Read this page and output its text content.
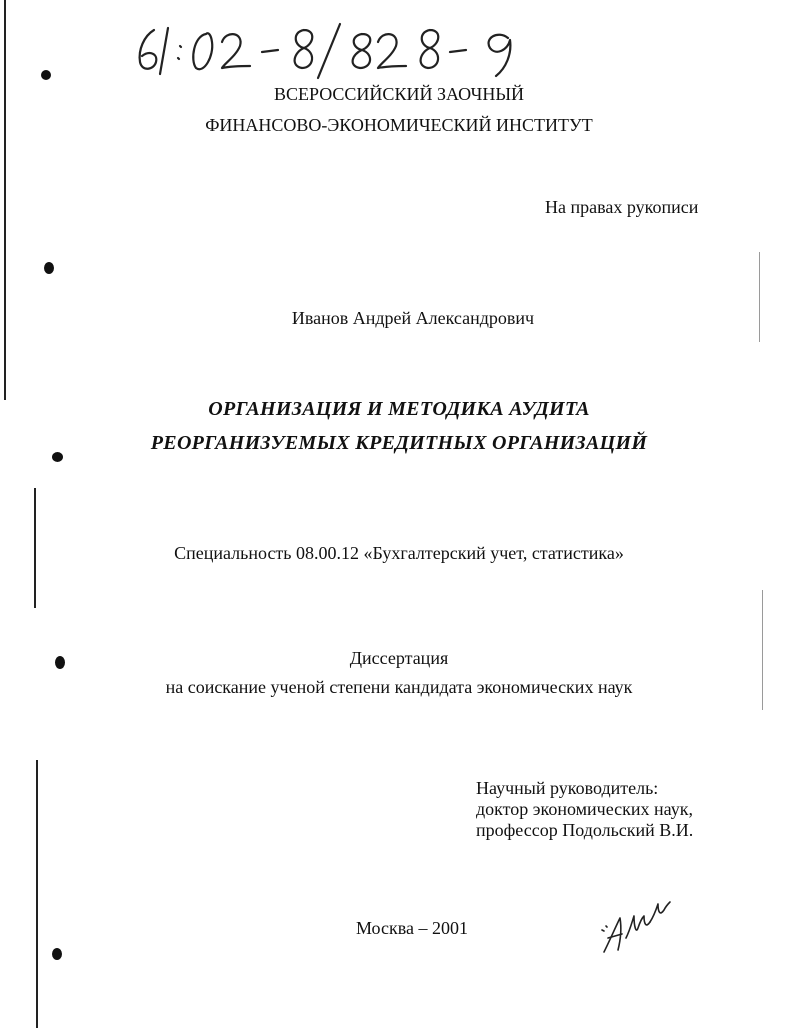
ВСЕРОССИЙСКИЙ ЗАОЧНЫЙ
ФИНАНСОВО-ЭКОНОМИЧЕСКИЙ ИНСТИТУТ
На правах рукописи
Иванов Андрей Александрович
ОРГАНИЗАЦИЯ И МЕТОДИКА АУДИТА
РЕОРГАНИЗУЕМЫХ КРЕДИТНЫХ ОРГАНИЗАЦИЙ
Специальность 08.00.12 «Бухгалтерский учет, статистика»
Диссертация
на соискание ученой степени кандидата экономических наук
Научный руководитель:
доктор экономических наук,
профессор Подольский В.И.
Москва – 2001
